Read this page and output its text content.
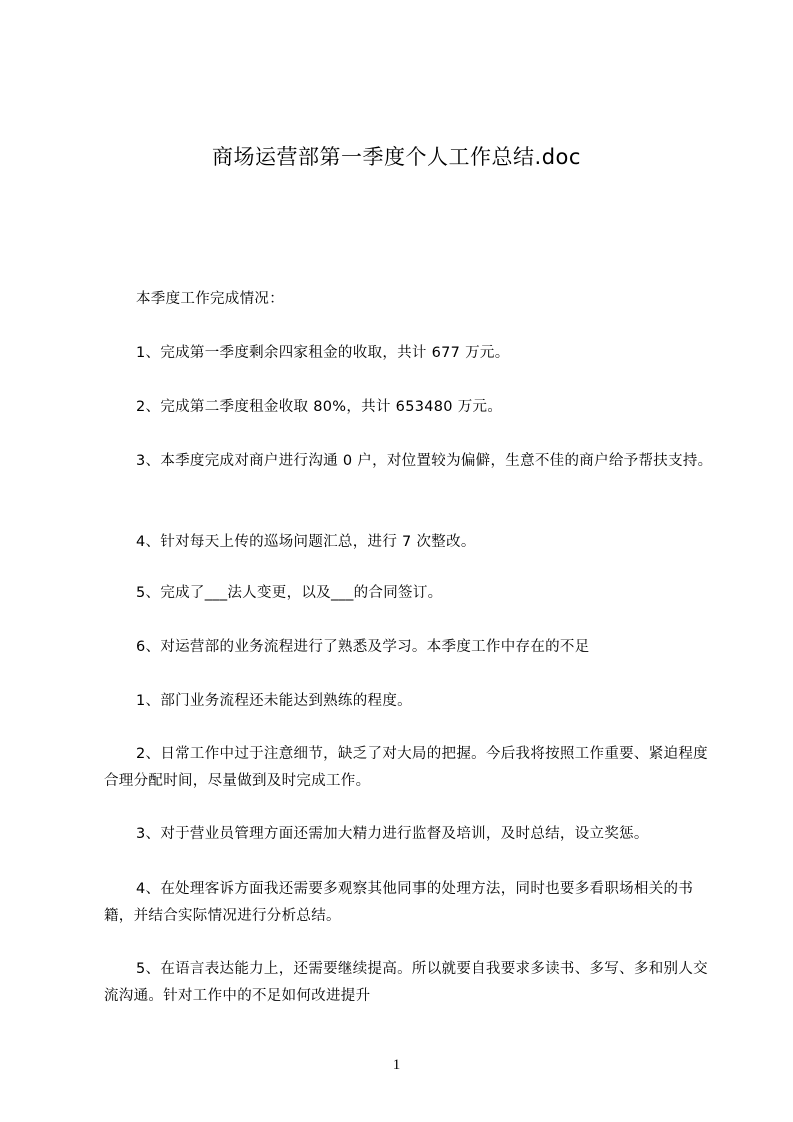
商场运营部第一季度个人工作总结.doc

本季度工作完成情况：

1、完成第一季度剩余四家租金的收取，共计 677 万元。

2、完成第二季度租金收取 80%，共计 653480 万元。

3、本季度完成对商户进行沟通 0 户，对位置较为偏僻，生意不佳的商户给予帮扶支持。

4、针对每天上传的巡场问题汇总，进行 7 次整改。

5、完成了___法人变更，以及___的合同签订。

6、对运营部的业务流程进行了熟悉及学习。本季度工作中存在的不足

1、部门业务流程还未能达到熟练的程度。

2、日常工作中过于注意细节，缺乏了对大局的把握。今后我将按照工作重要、紧迫程度合理分配时间，尽量做到及时完成工作。

3、对于营业员管理方面还需加大精力进行监督及培训，及时总结，设立奖惩。

4、在处理客诉方面我还需要多观察其他同事的处理方法，同时也要多看职场相关的书籍，并结合实际情况进行分析总结。

5、在语言表达能力上，还需要继续提高。所以就要自我要求多读书、多写、多和别人交流沟通。针对工作中的不足如何改进提升

1
